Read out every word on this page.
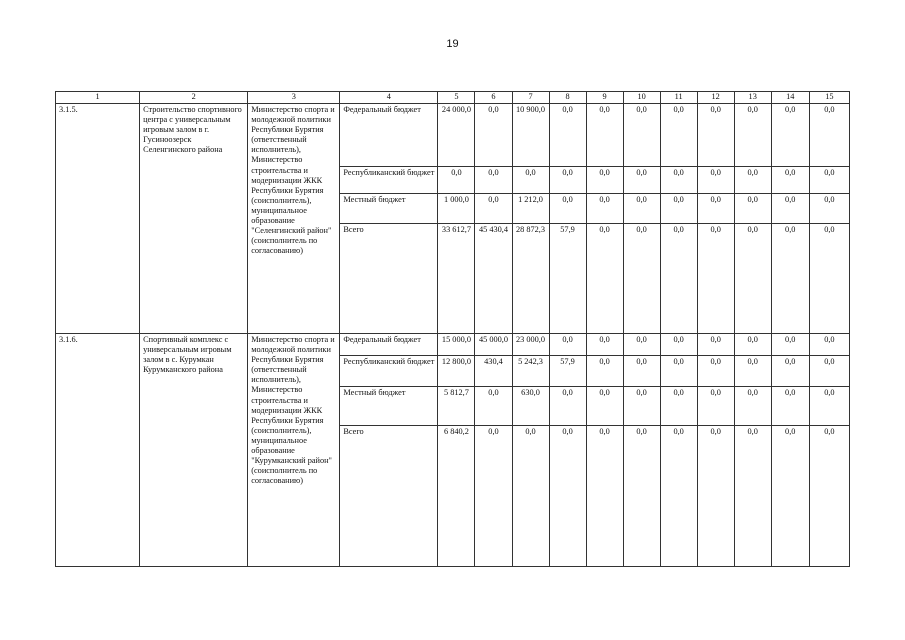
19
1	2	3	4	5	6	7	8	9	10	11	12	13	14	15
3.1.5.	Строительство спортивного центра с универсальным игровым залом в г. Гусиноозерск Селенгинского района	Министерство спорта и молодежной политики Республики Бурятия (ответственный исполнитель), Министерство строительства и модернизации ЖКК Республики Бурятия (соисполнитель), муниципальное образование "Селенгинский район" (соисполнитель по согласованию)	Федеральный бюджет	24 000,0	0,0	10 900,0	0,0	0,0	0,0	0,0	0,0	0,0	0,0	0,0
			Республиканский бюджет	0,0	0,0	0,0	0,0	0,0	0,0	0,0	0,0	0,0	0,0	0,0
			Местный бюджет	1 000,0	0,0	1 212,0	0,0	0,0	0,0	0,0	0,0	0,0	0,0	0,0
			Всего	33 612,7	45 430,4	28 872,3	57,9	0,0	0,0	0,0	0,0	0,0	0,0	0,0
3.1.6.	Спортивный комплекс с универсальным игровым залом в с. Курумкан Курумканского района	Министерство спорта и молодежной политики Республики Бурятия (ответственный исполнитель), Министерство строительства и модернизации ЖКК Республики Бурятия (соисполнитель), муниципальное образование "Курумканский район" (соисполнитель по согласованию)	Федеральный бюджет	15 000,0	45 000,0	23 000,0	0,0	0,0	0,0	0,0	0,0	0,0	0,0	0,0
			Республиканский бюджет	12 800,0	430,4	5 242,3	57,9	0,0	0,0	0,0	0,0	0,0	0,0	0,0
			Местный бюджет	5 812,7	0,0	630,0	0,0	0,0	0,0	0,0	0,0	0,0	0,0	0,0
			Всего	6 840,2	0,0	0,0	0,0	0,0	0,0	0,0	0,0	0,0	0,0	0,0
